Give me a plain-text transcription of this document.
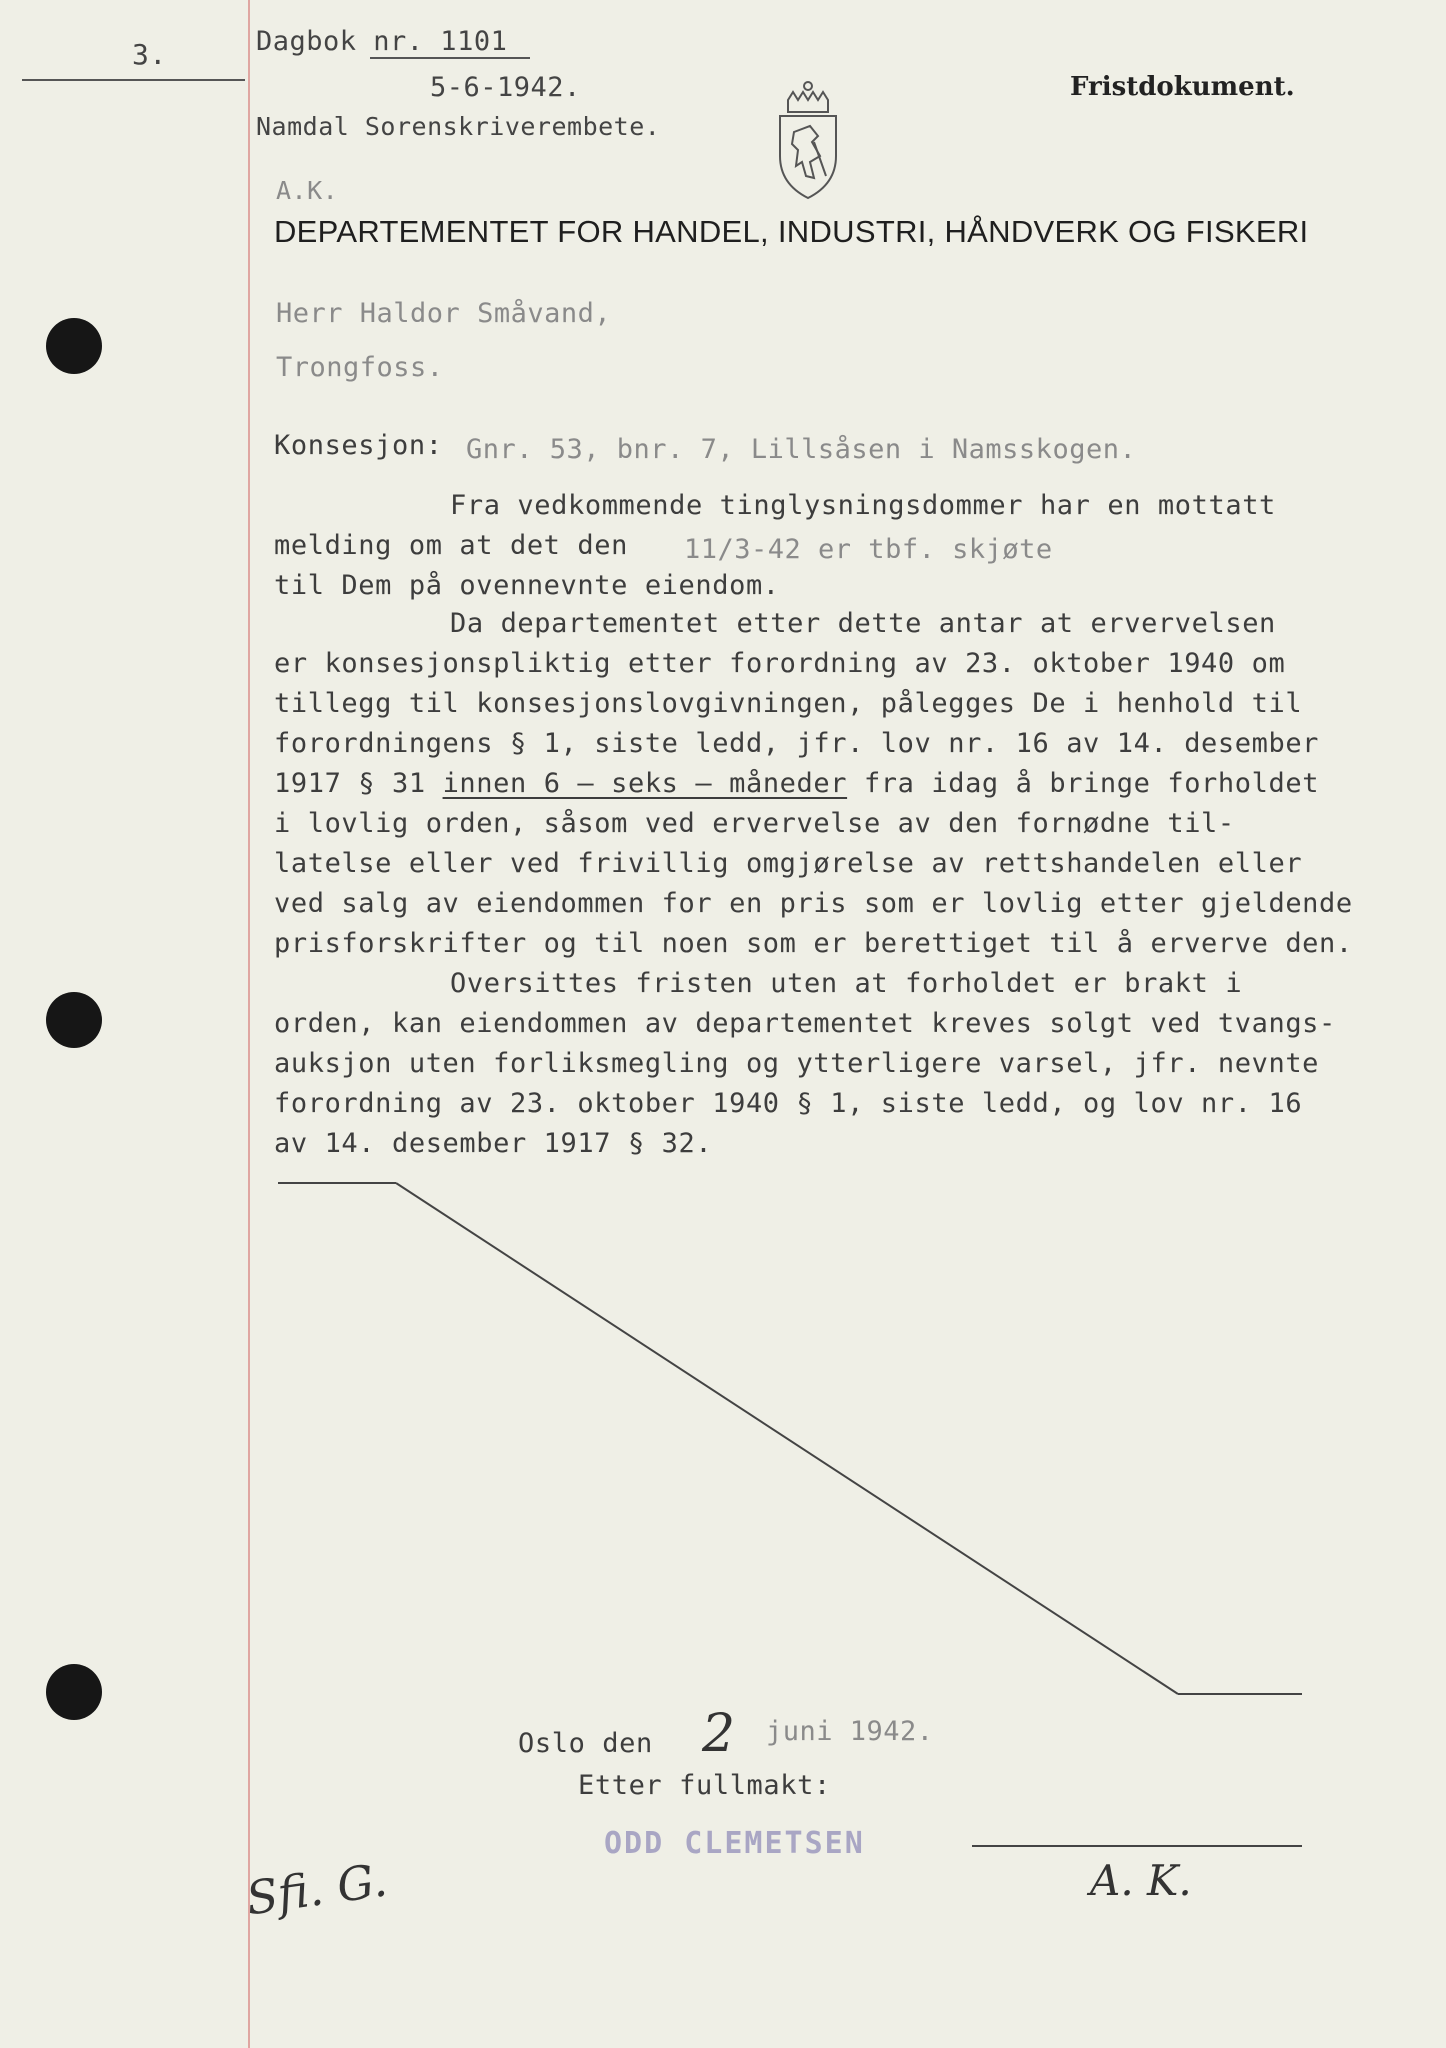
3.	Dagbok nr. 1101
5-6-1942.
Namdal Sorenskriverembete.
Fristdokument.
A.K.
DEPARTEMENTET FOR HANDEL, INDUSTRI, HÅNDVERK OG FISKERI
Herr Haldor Småvand,
Trongfoss.
Konsesjon: Gnr. 53, bnr. 7, Lillsåsen i Namsskogen.
Fra vedkommende tinglysningsdommer har en mottatt
melding om at det den 11/3-42 er tbf. skjøte
til Dem på ovennevnte eiendom.
Da departementet etter dette antar at ervervelsen
er konsesjonspliktig etter forordning av 23. oktober 1940 om
tillegg til konsesjonslovgivningen, pålegges De i henhold til
forordningens § 1, siste ledd, jfr. lov nr. 16 av 14. desember
1917 § 31 innen 6 – seks – måneder fra idag å bringe forholdet
i lovlig orden, såsom ved ervervelse av den fornødne til-
latelse eller ved frivillig omgjørelse av rettshandelen eller
ved salg av eiendommen for en pris som er lovlig etter gjeldende
prisforskrifter og til noen som er berettiget til å erverve den.
Oversittes fristen uten at forholdet er brakt i
orden, kan eiendommen av departementet kreves solgt ved tvangs-
auksjon uten forliksmegling og ytterligere varsel, jfr. nevnte
forordning av 23. oktober 1940 § 1, siste ledd, og lov nr. 16
av 14. desember 1917 § 32.
Oslo den 2 juni 1942.
Etter fullmakt:
ODD CLEMETSEN
Sfi. G.	A. K.
